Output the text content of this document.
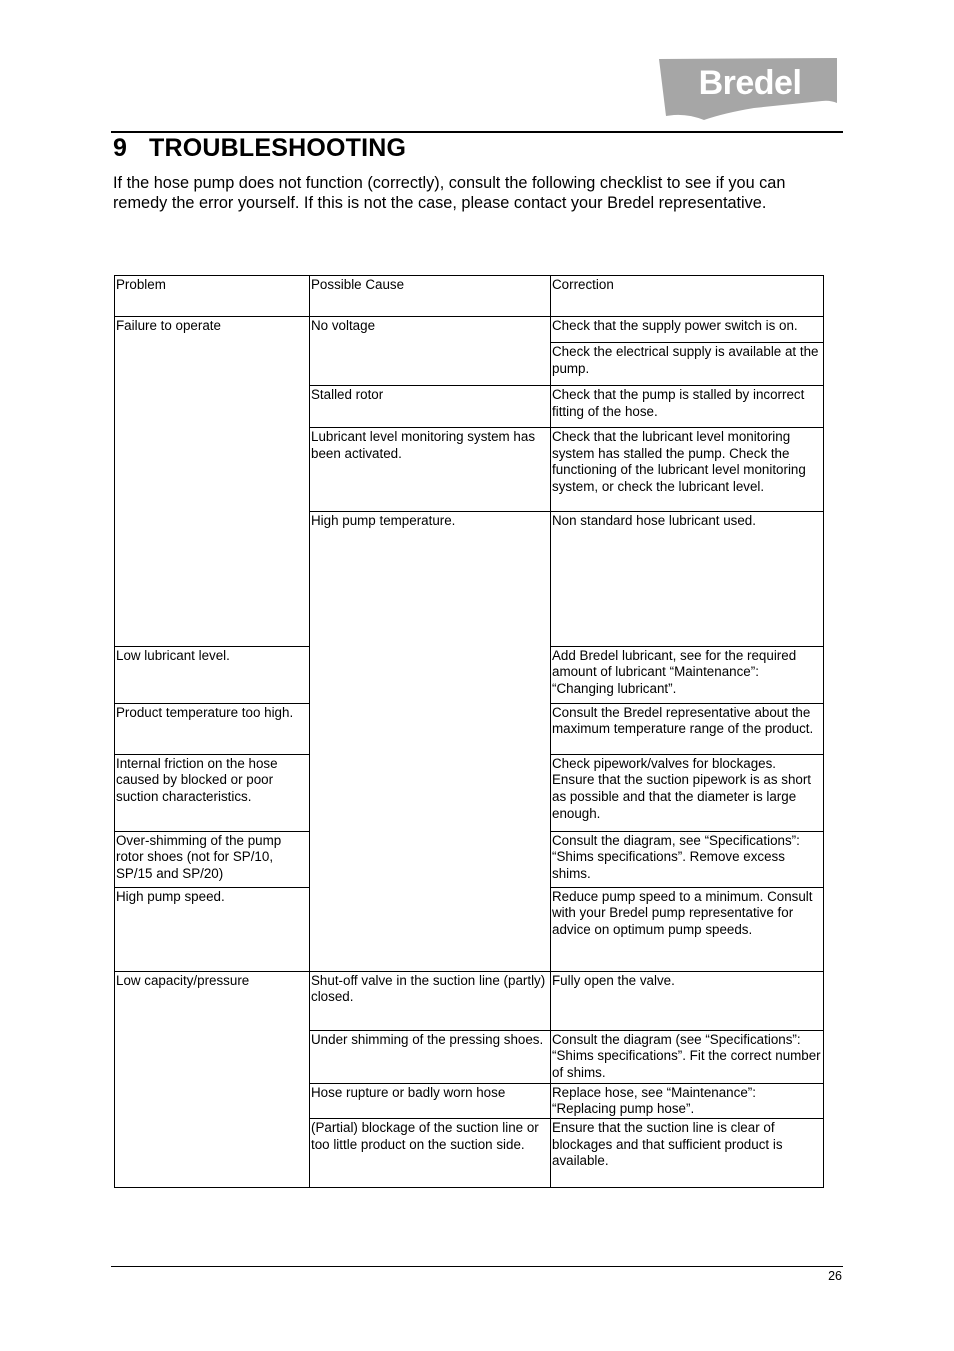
Bredel
9 TROUBLESHOOTING

If the hose pump does not function (correctly), consult the following checklist to see if you can remedy the error yourself. If this is not the case, please contact your Bredel representative.

Problem	Possible Cause	Correction	
Failure to operate	No voltage	Check that the supply power switch is on.	
		Check the electrical supply is available at the pump.	
	Stalled rotor	Check that the pump is stalled by incorrect fitting of the hose.	
	Lubricant level monitoring system has been activated.	Check that the lubricant level monitoring system has stalled the pump. Check the functioning of the lubricant level monitoring system, or check the lubricant level.	
	High pump temperature.	Non standard hose lubricant used.	
Low lubricant level.		Add Bredel lubricant, see for the required amount of lubricant “Maintenance”: “Changing lubricant”.	
Product temperature too high.		Consult the Bredel representative about the maximum temperature range of the product.	
Internal friction on the hose caused by blocked or poor suction characteristics.		Check pipework/valves for blockages. Ensure that the suction pipework is as short as possible and that the diameter is large enough.	
Over-shimming of the pump rotor shoes (not for SP/10, SP/15 and SP/20)		Consult the diagram, see “Specifications”: “Shims specifications”. Remove excess shims.	
High pump speed.		Reduce pump speed to a minimum. Consult with your Bredel pump representative for advice on optimum pump speeds.	
Low capacity/pressure	Shut-off valve in the suction line (partly) closed.	Fully open the valve.	
	Under shimming of the pressing shoes.	Consult the diagram (see “Specifications”: “Shims specifications”. Fit the correct number of shims.	
	Hose rupture or badly worn hose	Replace hose, see “Maintenance”: “Replacing pump hose”.	
	(Partial) blockage of the suction line or too little product on the suction side.	Ensure that the suction line is clear of blockages and that sufficient product is available.	
26
